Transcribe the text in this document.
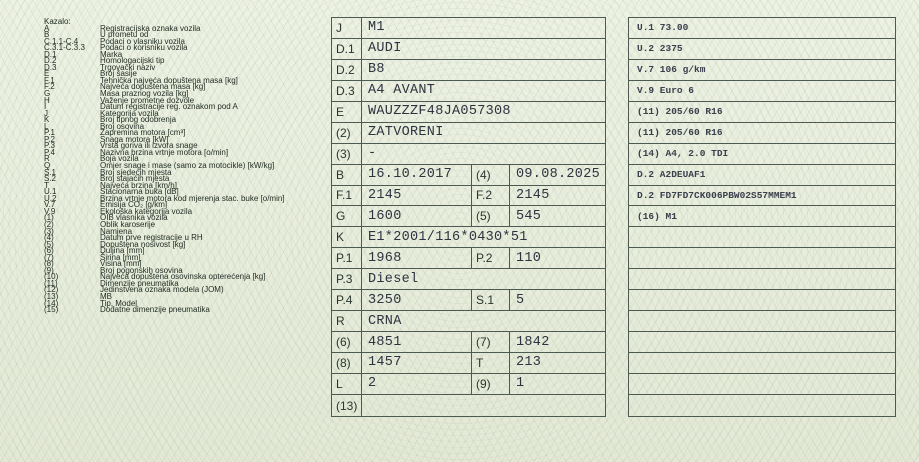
Kazalo:
A	Registracijska oznaka vozila
B	U prometu od
C.1.1-C.4	Podaci o vlasniku vozila
C.3.1-C.3.3	Podaci o korisniku vozila
D.1	Marka
D.2	Homologacijski tip
D.3	Trgovački naziv
E	Broj šasije
F.1	Tehnička najveća dopuštena masa [kg]
F.2	Najveća dopuštena masa [kg]
G	Masa praznog vozila [kg]
H	Važenje prometne dozvole
I	Datum registracije reg. oznakom pod A
J	Kategorija vozila
K	Broj tipnog odobrenja
L	Broj osovina
P.1	Zapremina motora [cm³]
P.2	Snaga motora [kW]
P.3	Vrsta goriva ili izvora snage
P.4	Nazivna brzina vrtnje motora [o/min]
R	Boja vozila
Q	Omjer snage i mase (samo za motocikle) [kW/kg]
S.1	Broj sjedećih mjesta
S.2	Broj stajaćih mjesta
T	Najveća brzina [km/h]
U.1	Stacionarna buka [dB]
U.2	Brzina vrtnje motora kod mjerenja stac. buke [o/min]
V.7	Emisija CO₂ [g/km]
V.9	Ekološka kategorija vozila
(1)	OIB vlasnika vozila
(2)	Oblik karoserije
(3)	Namjena
(4)	Datum prve registracije u RH
(5)	Dopuštena nosivost [kg]
(6)	Duljina [mm]
(7)	Širina [mm]
(8)	Visina [mm]
(9)	Broj pogonskih osovina
(10)	Najveća dopuštena osovinska opterećenja [kg]
(11)	Dimenzije pneumatika
(12)	Jedinstvena oznaka modela (JOM)
(13)	MB
(14)	Tip, Model
(15)	Dodatne dimenzije pneumatika
J	M1
D.1 AUDI
D.2 B8
D.3 A4 AVANT
E	WAUZZZF48JA057308
(2)	ZATVORENI
(3)	-
B	16.10.2017	(4)	09.08.2025
F.1	2145	F.2	2145
G	1600	(5)	545
K	E1*2001/116*0430*51
P.1	1968	P.2	110
P.3	Diesel
P.4	3250	S.1	5
R	CRNA
(6)	4851	(7)	1842
(8)	1457	T	213
L	2	(9)	1
(13)
U.1 73.00
U.2 2375
V.7 106 g/km
V.9 Euro 6
(11) 205/60 R16
(11) 205/60 R16
(14) A4, 2.0 TDI
D.2 A2DEUAF1
D.2 FD7FD7CK006PBW02S57MMEM1
(16) M1
